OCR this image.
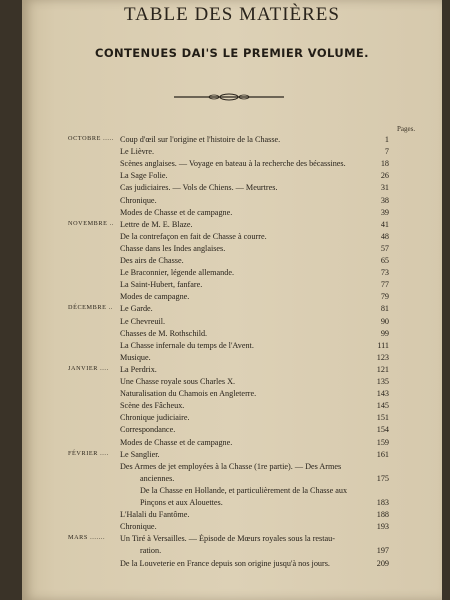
TABLE DES MATIÈRES
CONTENUES DAI'S LE PREMIER VOLUME.
Pages.
OCTOBRE ..... Coup d'œil sur l'origine et l'histoire de la Chasse.	1
Le Lièvre.	7
Scènes anglaises. — Voyage en bateau à la recherche des bécassines.	18
La Sage Folie.	26
Cas judiciaires. — Vols de Chiens. — Meurtres.	31
Chronique.	38
Modes de Chasse et de campagne.	39
NOVEMBRE .. Lettre de M. E. Blaze.	41
De la contrefaçon en fait de Chasse à courre.	48
Chasse dans les Indes anglaises.	57
Des airs de Chasse.	65
Le Braconnier, légende allemande.	73
La Saint-Hubert, fanfare.	77
Modes de campagne.	79
DÉCEMBRE .. Le Garde.	81
Le Chevreuil.	90
Chasses de M. Rothschild.	99
La Chasse infernale du temps de l'Avent.	111
Musique.	123
JANVIER .... La Perdrix.	121
Une Chasse royale sous Charles X.	135
Naturalisation du Chamois en Angleterre.	143
Scène des Fâcheux.	145
Chronique judiciaire.	151
Correspondance.	154
Modes de Chasse et de campagne.	159
FÉVRIER .... Le Sanglier.	161
Des Armes de jet employées à la Chasse (1re partie). — Des Armes
anciennes.	175
De la Chasse en Hollande, et particulièrement de la Chasse aux
Pinçons et aux Alouettes.	183
L'Halali du Fantôme.	188
Chronique.	193
MARS ....... Un Tiré à Versailles. — Épisode de Mœurs royales sous la restau-
ration.	197
De la Louveterie en France depuis son origine jusqu'à nos jours.	209
